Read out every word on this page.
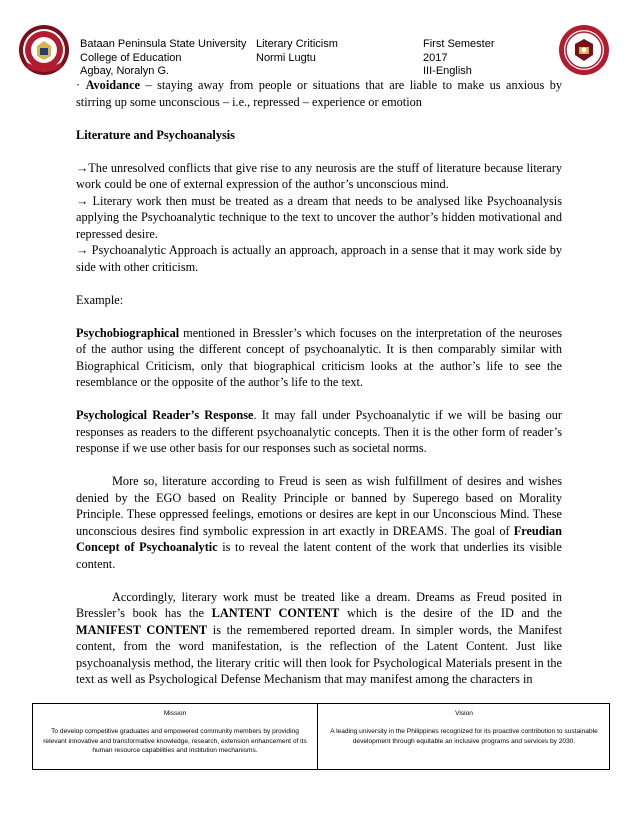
Bataan Peninsula State University
College of Education
Agbay, Noralyn G.
Literary Criticism
Normi Lugtu
First Semester
2017
III-English

· Avoidance – staying away from people or situations that are liable to make us anxious by stirring up some unconscious – i.e., repressed – experience or emotion

Literature and Psychoanalysis

→The unresolved conflicts that give rise to any neurosis are the stuff of literature because literary work could be one of external expression of the author’s unconscious mind.

→ Literary work then must be treated as a dream that needs to be analysed like Psychoanalysis applying the Psychoanalytic technique to the text to uncover the author’s hidden motivational and repressed desire.

→ Psychoanalytic Approach is actually an approach, approach in a sense that it may work side by side with other criticism.

Example:

Psychobiographical mentioned in Bressler’s which focuses on the interpretation of the neuroses of the author using the different concept of psychoanalytic. It is then comparably similar with Biographical Criticism, only that biographical criticism looks at the author’s life to see the resemblance or the opposite of the author’s life to the text.

Psychological Reader’s Response. It may fall under Psychoanalytic if we will be basing our responses as readers to the different psychoanalytic concepts. Then it is the other form of reader’s response if we use other basis for our responses such as societal norms.

More so, literature according to Freud is seen as wish fulfillment of desires and wishes denied by the EGO based on Reality Principle or banned by Superego based on Morality Principle. These oppressed feelings, emotions or desires are kept in our Unconscious Mind. These unconscious desires find symbolic expression in art exactly in DREAMS. The goal of Freudian Concept of Psychoanalytic is to reveal the latent content of the work that underlies its visible content.

Accordingly, literary work must be treated like a dream. Dreams as Freud posited in Bressler’s book has the LANTENT CONTENT which is the desire of the ID and the MANIFEST CONTENT is the remembered reported dream. In simpler words, the Manifest content, from the word manifestation, is the reflection of the Latent Content. Just like psychoanalysis method, the literary critic will then look for Psychological Materials present in the text as well as Psychological Defense Mechanism that may manifest among the characters in

Mission
To develop competitive graduates and empowered community members by providing relevant innovative and transformative knowledge, research, extension enhancement of its human resource capabilities and institution mechanisms.
Vision
A leading university in the Philippines recognized for its proactive contribution to sustainable development through equitable an inclusive programs and services by 2030.
